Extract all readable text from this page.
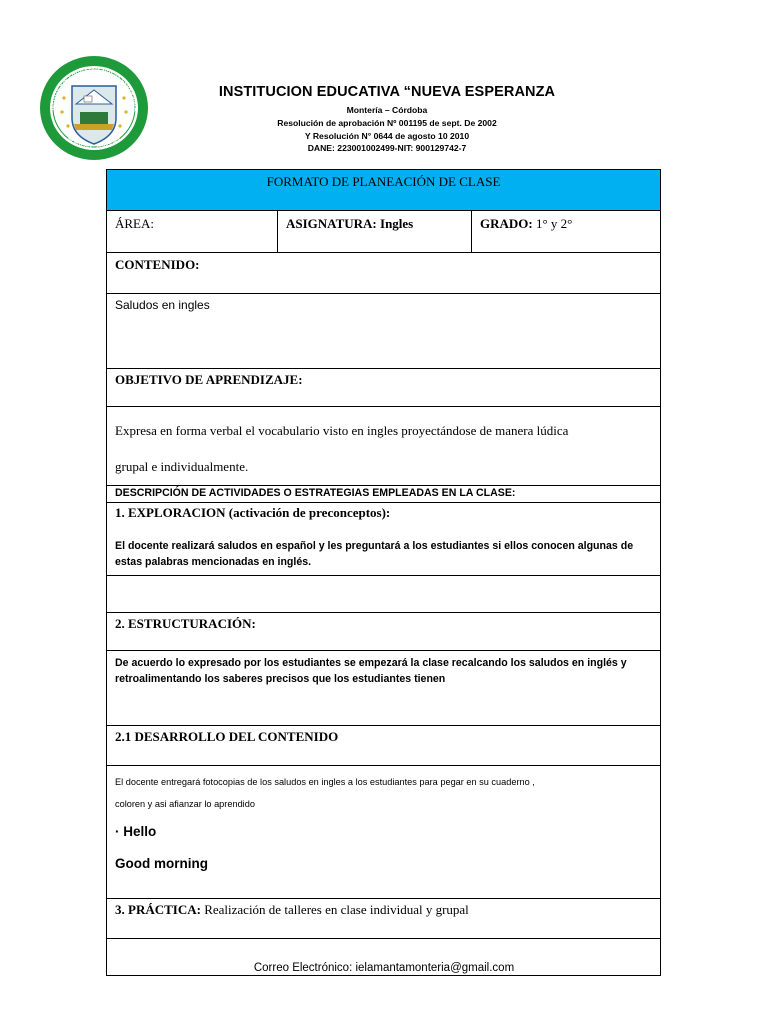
NSTITUCION EDUCATIVA NUEVA ESPERANZA
MONTERIA · CORDOBA
INSTITUCION EDUCATIVA “NUEVA ESPERANZA
Montería – Córdoba
Resolución de aprobación Nº 001195 de sept. De 2002
Y Resolución N° 0644 de agosto 10 2010
DANE: 223001002499-NIT: 900129742-7
FORMATO DE PLANEACIÓN DE CLASE
ÁREA:	ASIGNATURA: Ingles	GRADO: 1° y 2°
CONTENIDO:
Saludos en ingles
OBJETIVO DE APRENDIZAJE:

Expresa en forma verbal el vocabulario visto en ingles proyectándose de manera lúdica
grupal e individualmente.

DESCRIPCIÓN DE ACTIVIDADES O ESTRATEGIAS EMPLEADAS EN LA CLASE:

1. EXPLORACION (activación de preconceptos):
El docente realizará saludos en español y les preguntará a los estudiantes si ellos conocen algunas de estas palabras mencionadas en inglés.

2. ESTRUCTURACIÓN:
De acuerdo lo expresado por los estudiantes se empezará la clase recalcando los saludos en inglés y retroalimentando los saberes precisos que los estudiantes tienen
2.1 DESARROLLO DEL CONTENIDO

El docente entregará fotocopias de los saludos en ingles a los estudiantes para pegar en su cuaderno ,
coloren y asi afianzar lo aprendido
· Hello
Good morning

3. PRÁCTICA: Realización de talleres en clase individual y grupal

Correo Electrónico: ielamantamonteria@gmail.com
